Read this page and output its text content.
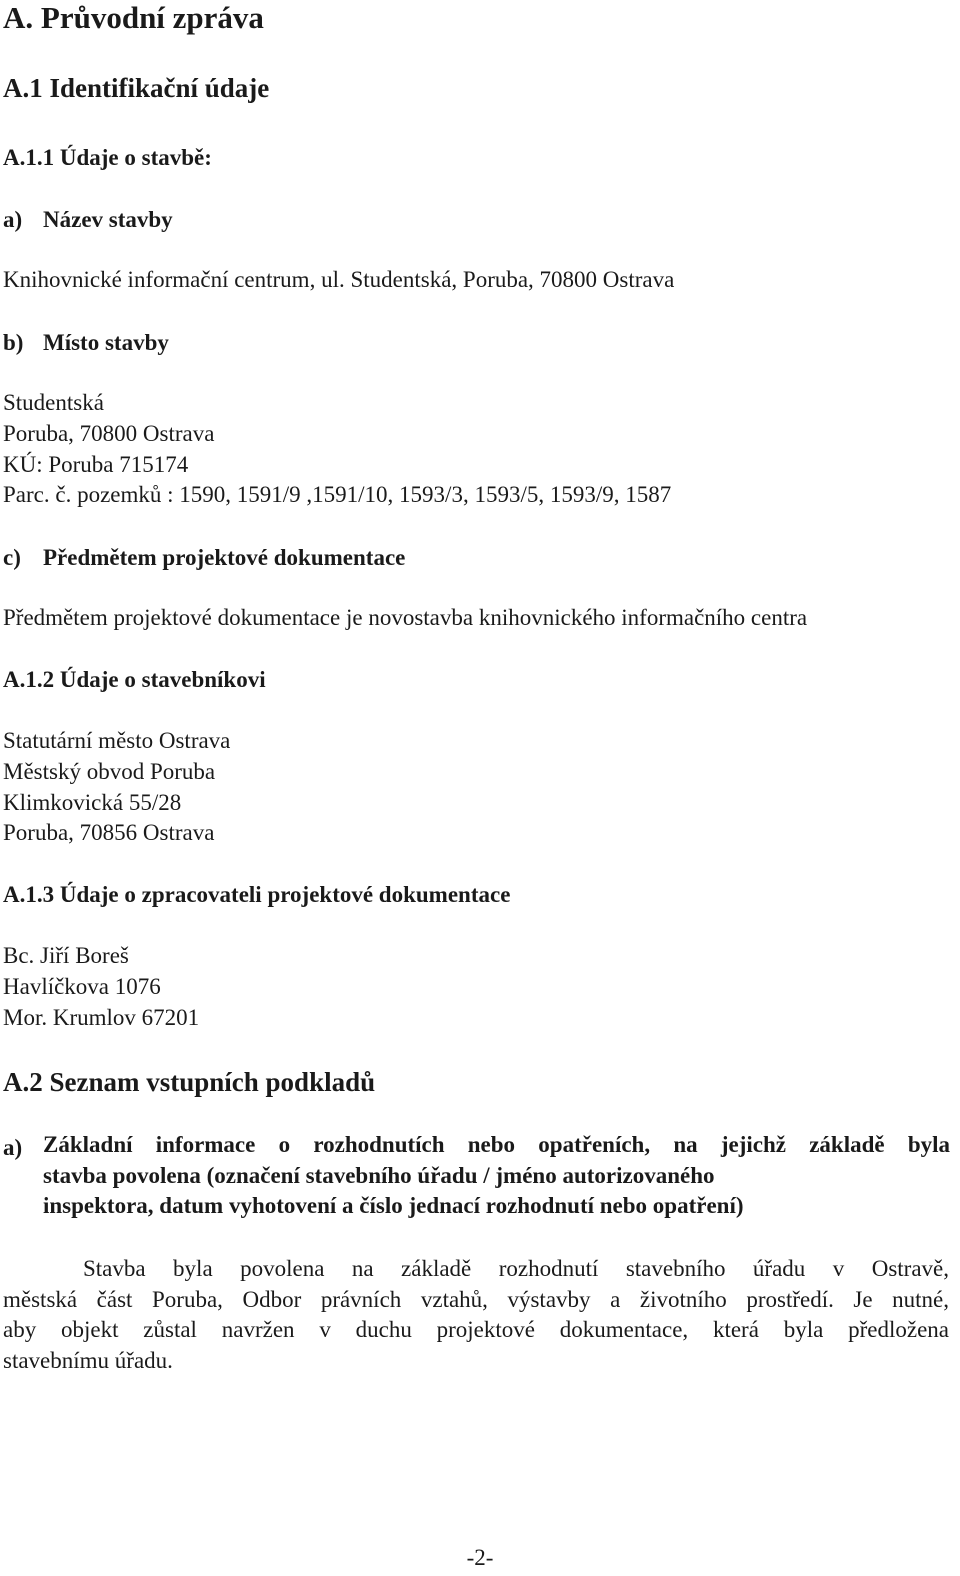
A. Průvodní zpráva
A.1 Identifikační údaje
A.1.1 Údaje o stavbě:
a) Název stavby
Knihovnické informační centrum, ul. Studentská, Poruba, 70800 Ostrava
b) Místo stavby
Studentská
Poruba, 70800 Ostrava
KÚ: Poruba 715174
Parc. č. pozemků : 1590, 1591/9 ,1591/10, 1593/3, 1593/5, 1593/9, 1587
c) Předmětem projektové dokumentace
Předmětem projektové dokumentace je novostavba knihovnického informačního centra
A.1.2 Údaje o stavebníkovi
Statutární město Ostrava
Městský obvod Poruba
Klimkovická 55/28
Poruba, 70856 Ostrava
A.1.3 Údaje o zpracovateli projektové dokumentace
Bc. Jiří Boreš
Havlíčkova 1076
Mor. Krumlov 67201
A.2 Seznam vstupních podkladů
a) Základní informace o rozhodnutích nebo opatřeních, na jejichž základě byla
stavba povolena (označení stavebního úřadu / jméno autorizovaného
inspektora, datum vyhotovení a číslo jednací rozhodnutí nebo opatření)
Stavba byla povolena na základě rozhodnutí stavebního úřadu v Ostravě,
městská část Poruba, Odbor právních vztahů, výstavby a životního prostředí. Je nutné,
aby objekt zůstal navržen v duchu projektové dokumentace, která byla předložena
stavebnímu úřadu.
-2-
